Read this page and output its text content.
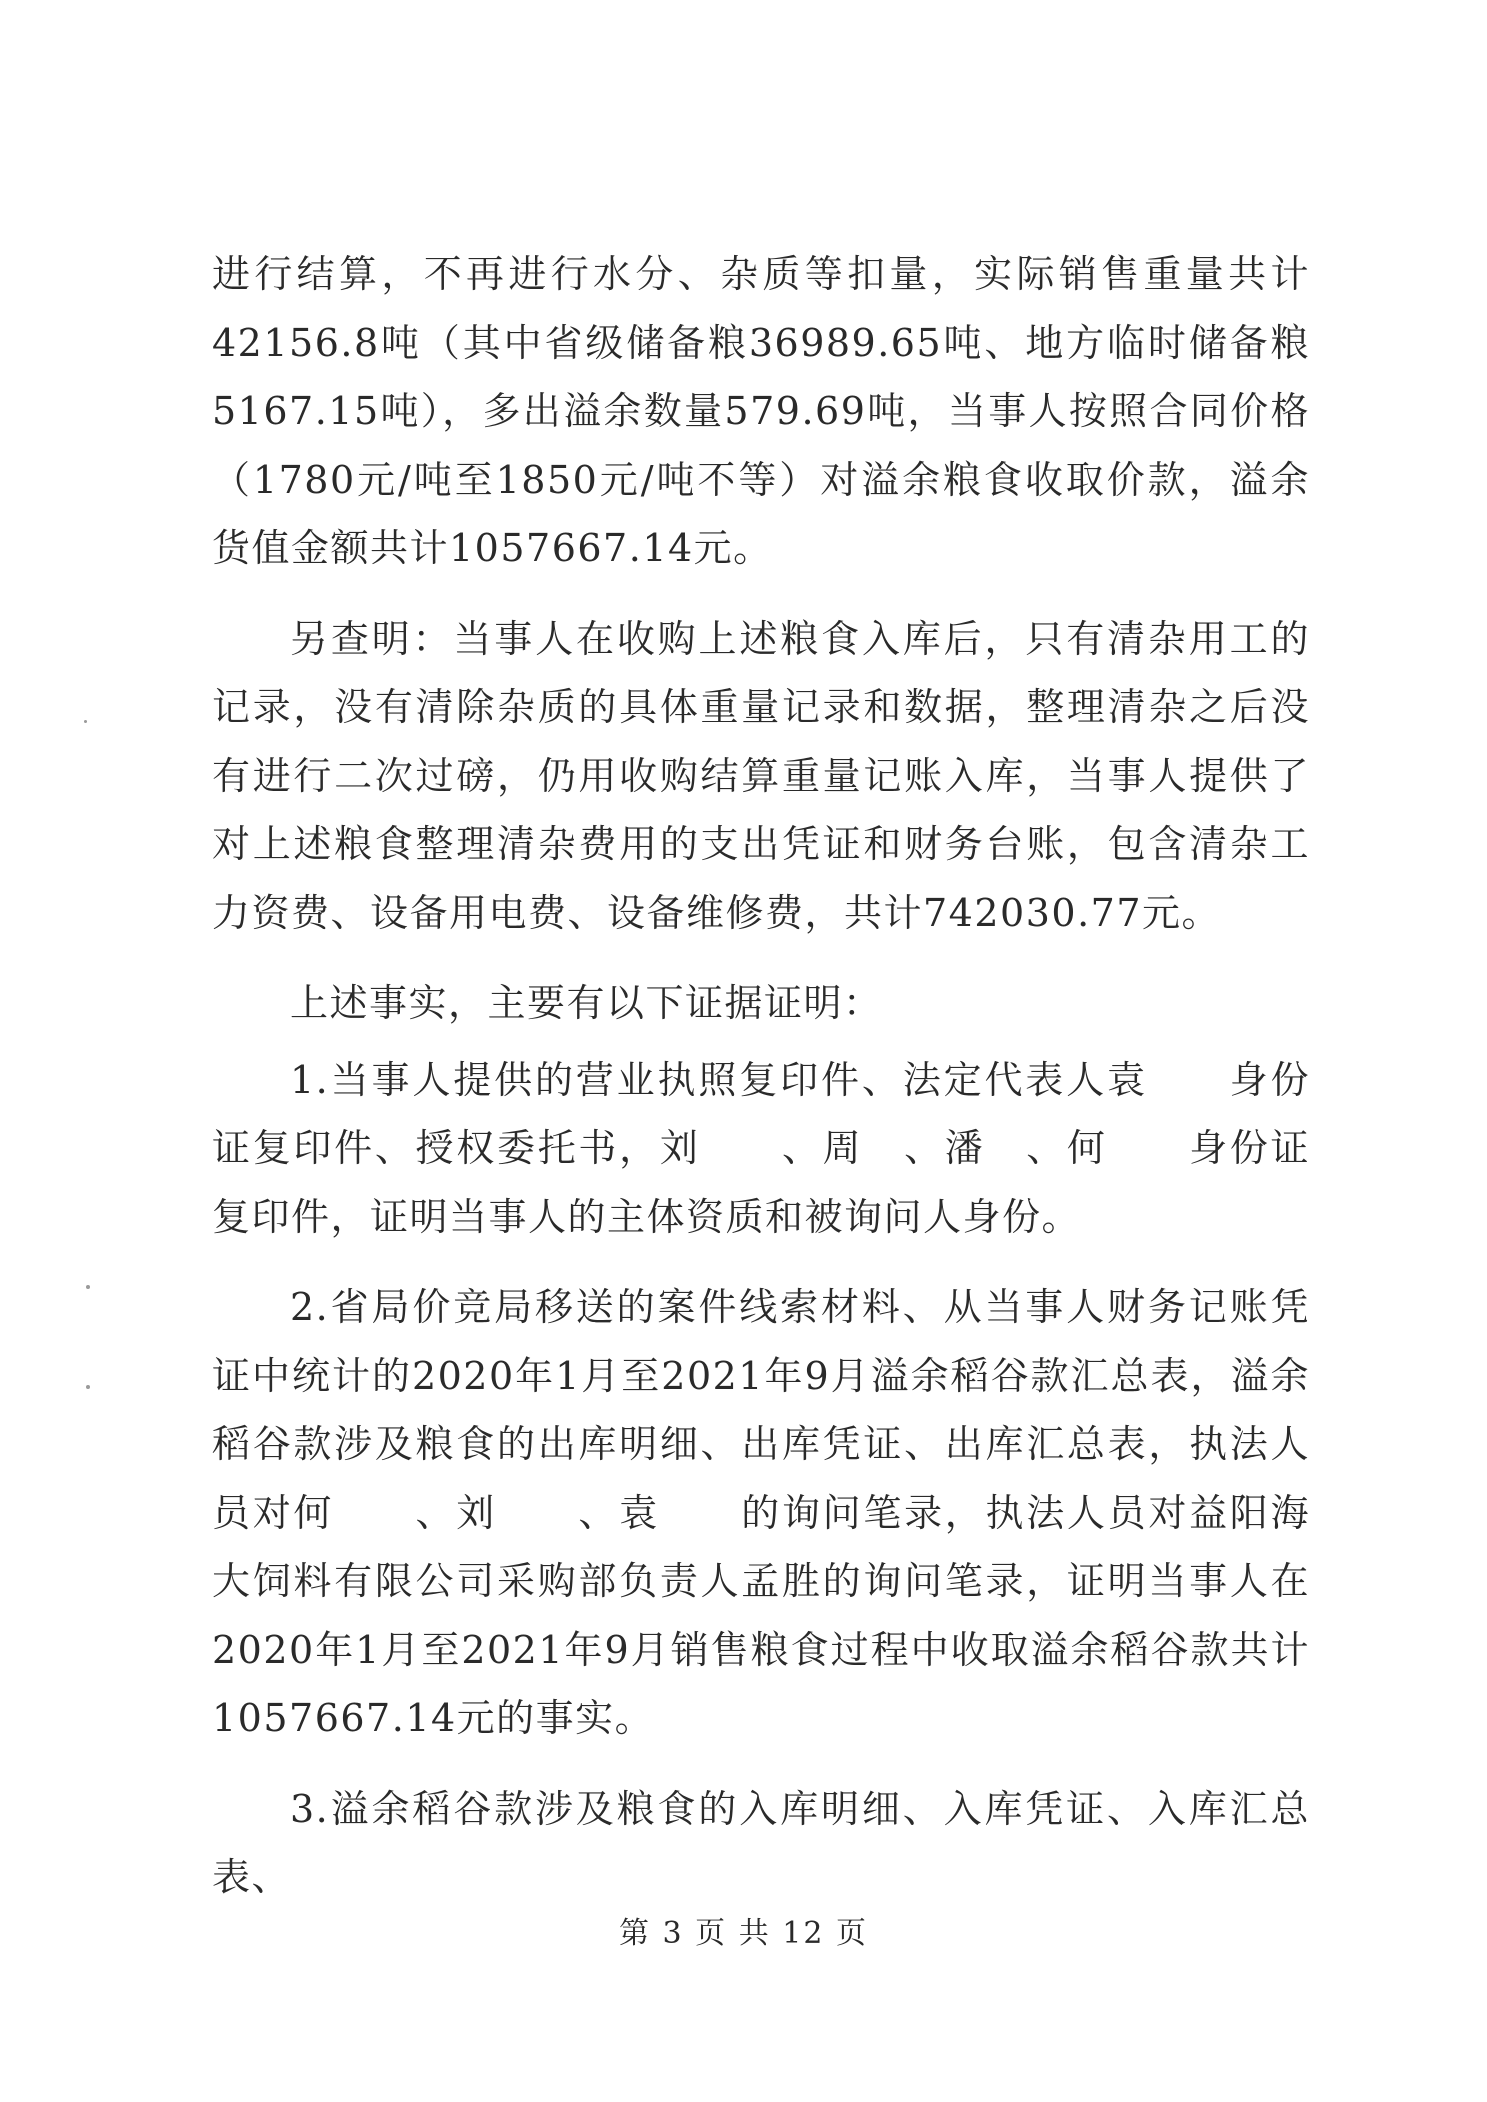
进行结算，不再进行水分、杂质等扣量，实际销售重量共计42156.8吨（其中省级储备粮36989.65吨、地方临时储备粮5167.15吨），多出溢余数量579.69吨，当事人按照合同价格（1780元/吨至1850元/吨不等）对溢余粮食收取价款，溢余货值金额共计1057667.14元。

另查明：当事人在收购上述粮食入库后，只有清杂用工的记录，没有清除杂质的具体重量记录和数据，整理清杂之后没有进行二次过磅，仍用收购结算重量记账入库，当事人提供了对上述粮食整理清杂费用的支出凭证和财务台账，包含清杂工力资费、设备用电费、设备维修费，共计742030.77元。

上述事实，主要有以下证据证明：

1.当事人提供的营业执照复印件、法定代表人袁　　身份证复印件、授权委托书，刘　　、周　、潘　、何　　身份证复印件，证明当事人的主体资质和被询问人身份。

2.省局价竞局移送的案件线索材料、从当事人财务记账凭证中统计的2020年1月至2021年9月溢余稻谷款汇总表，溢余稻谷款涉及粮食的出库明细、出库凭证、出库汇总表，执法人员对何　　、刘　　、袁　　的询问笔录，执法人员对益阳海大饲料有限公司采购部负责人孟胜的询问笔录，证明当事人在2020年1月至2021年9月销售粮食过程中收取溢余稻谷款共计1057667.14元的事实。

3.溢余稻谷款涉及粮食的入库明细、入库凭证、入库汇总表、

第 3 页 共 12 页
